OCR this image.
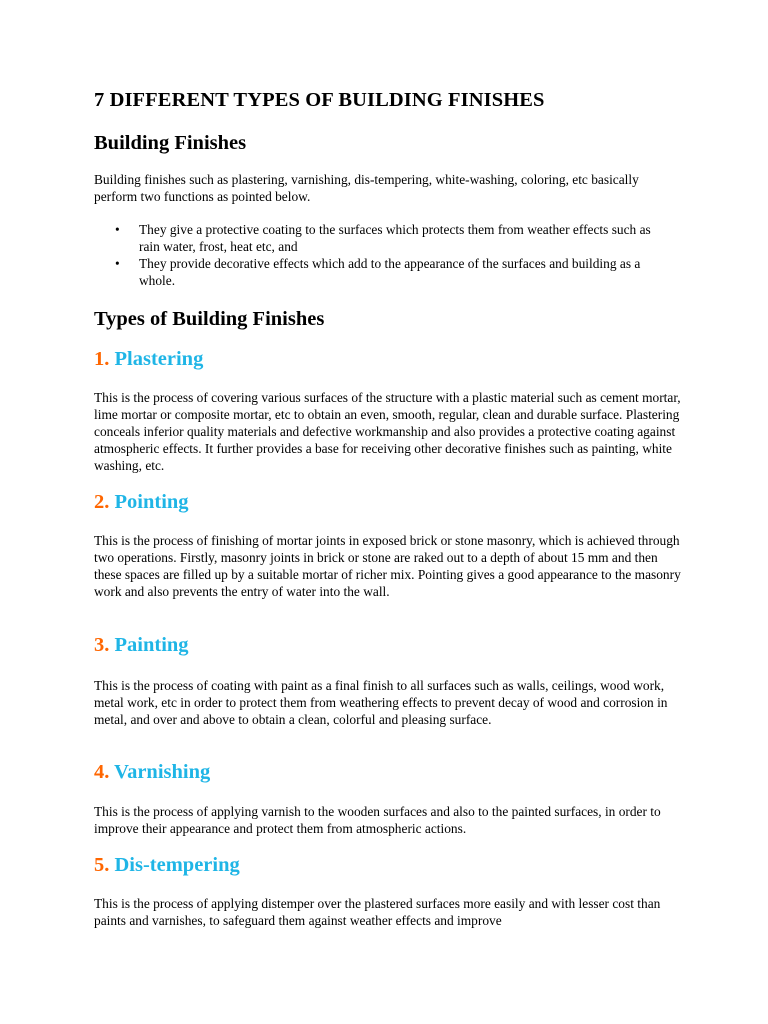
7 DIFFERENT TYPES OF BUILDING FINISHES
Building Finishes

Building finishes such as plastering, varnishing, dis-tempering, white-washing, coloring, etc basically perform two functions as pointed below.

• They give a protective coating to the surfaces which protects them from weather effects such as rain water, frost, heat etc, and
• They provide decorative effects which add to the appearance of the surfaces and building as a whole.
Types of Building Finishes
1. Plastering

This is the process of covering various surfaces of the structure with a plastic material such as cement mortar, lime mortar or composite mortar, etc to obtain an even, smooth, regular, clean and durable surface. Plastering conceals inferior quality materials and defective workmanship and also provides a protective coating against atmospheric effects. It further provides a base for receiving other decorative finishes such as painting, white washing, etc.

2. Pointing

This is the process of finishing of mortar joints in exposed brick or stone masonry, which is achieved through two operations. Firstly, masonry joints in brick or stone are raked out to a depth of about 15 mm and then these spaces are filled up by a suitable mortar of richer mix. Pointing gives a good appearance to the masonry work and also prevents the entry of water into the wall.

3. Painting

This is the process of coating with paint as a final finish to all surfaces such as walls, ceilings, wood work, metal work, etc in order to protect them from weathering effects to prevent decay of wood and corrosion in metal, and over and above to obtain a clean, colorful and pleasing surface.

4. Varnishing

This is the process of applying varnish to the wooden surfaces and also to the painted surfaces, in order to improve their appearance and protect them from atmospheric actions.

5. Dis-tempering

This is the process of applying distemper over the plastered surfaces more easily and with lesser cost than paints and varnishes, to safeguard them against weather effects and improve
